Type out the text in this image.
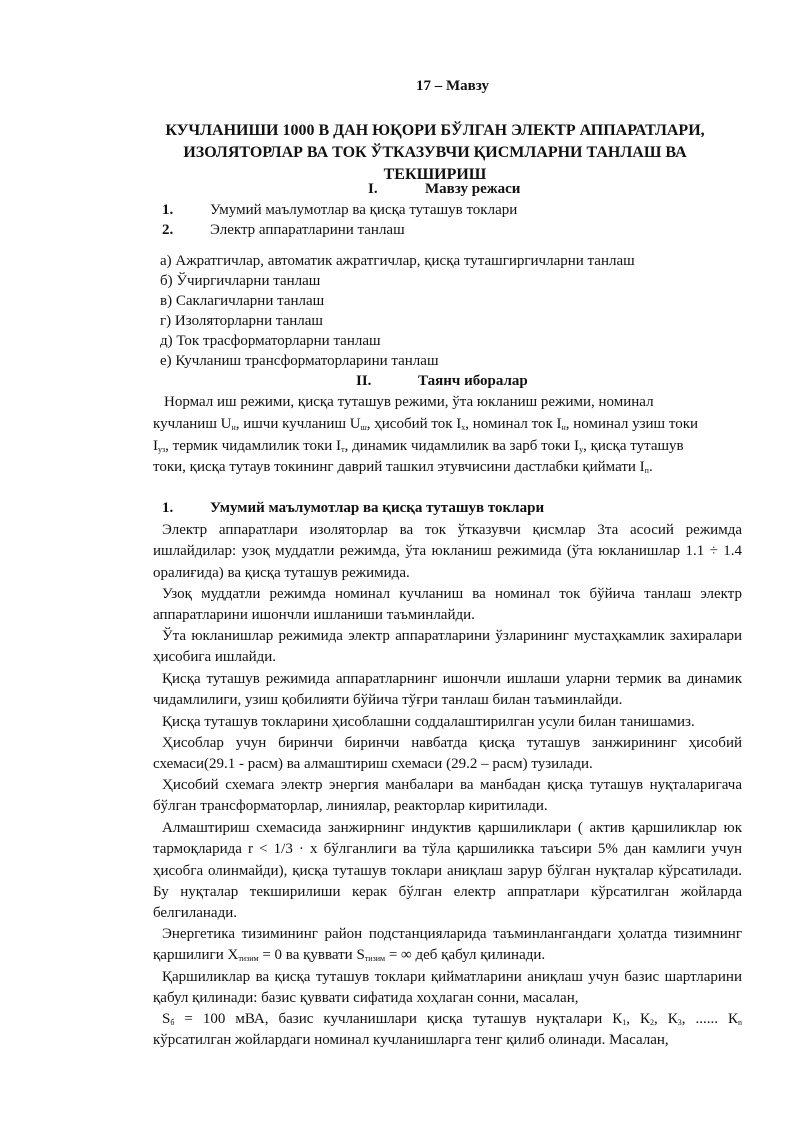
17 – Мавзу
КУЧЛАНИШИ 1000 В ДАН ЮҚОРИ БЎЛГАН ЭЛЕКТР АППАРАТЛАРИ, ИЗОЛЯТОРЛАР ВА ТОК ЎТКАЗУВЧИ ҚИСМЛАРНИ ТАНЛАШ ВА ТЕКШИРИШ
I.	Мавзу режаси
1. Умумий маълумотлар ва қисқа туташув токлари
2. Электр аппаратларини танлаш
а) Ажратгичлар, автоматик ажратгичлар, қисқа туташгиргичларни танлаш
б) Ўчиргичларни танлаш
в) Саклагичларни танлаш
г) Изоляторларни танлаш
д) Ток трасформаторларни танлаш
е) Кучланиш трансформаторларини танлаш
II.	Таянч иборалар
Нормал иш режими, қисқа туташув режими, ўта юкланиш режими, номинал
кучланиш $U_н$, ишчи кучланиш $U_ш$, ҳисобий ток $I_х$, номинал ток $I_н$, номинал узиш токи
$I_{уз}$, термик чидамлилик токи $I_т$, динамик чидамлилик ва зарб токи $I_у$, қисқа туташув
токи, қисқа тутаув токининг даврий ташкил этувчисини дастлабки қиймати $I_п$.
1. Умумий маълумотлар ва қисқа туташув токлари
Электр аппаратлари изоляторлар ва ток ўтказувчи қисмлар 3та асосий режимда ишлайдилар: узоқ муддатли режимда, ўта юкланиш режимида (ўта юкланишлар 1.1 ÷ 1.4 оралиғида) ва қисқа туташув режимида.
Узоқ муддатли режимда номинал кучланиш ва номинал ток бўйича танлаш электр аппаратларини ишончли ишланиши таъминлайди.
Ўта юкланишлар режимида электр аппаратларини ўзларининг мустаҳкамлик захиралари ҳисобига ишлайди.
Қисқа туташув режимида аппаратларнинг ишончли ишлаши уларни термик ва динамик чидамлилиги, узиш қобилияти бўйича тўғри танлаш билан таъминлайди.
Қисқа туташув токларини ҳисоблашни соддалаштирилган усули билан танишамиз.
Ҳисоблар учун биринчи биринчи навбатда қисқа туташув занжирининг ҳисобий схемаси(29.1 - расм) ва алмаштириш схемаси (29.2 – расм) тузилади.
Ҳисобий схемага электр энергия манбалари ва манбадан қисқа туташув нуқталаригача бўлган трансформаторлар, линиялар, реакторлар киритилади.
Алмаштириш схемасида занжирнинг индуктив қаршиликлари ( актив қаршиликлар юк тармоқларида r < 1/3 · x бўлганлиги ва тўла қаршиликка таъсири 5% дан камлиги учун ҳисобга олинмайди), қисқа туташув токлари аниқлаш зарур бўлган нуқталар кўрсатилади. Бу нуқталар текширилиши керак бўлган електр аппратлари кўрсатилган жойларда белгиланади.
Энергетика тизимининг район подстанцияларида таъминлангандаги ҳолатда тизимнинг қаршилиги $X_{тизим} = 0$ ва қуввати $S_{тизим}$ = ∞ деб қабул қилинади.
Қаршиликлар ва қисқа туташув токлари қийматларини аниқлаш учун базис шартларини қабул қилинади: базис қуввати сифатида хоҳлаган сонни, масалан,
$S_б = 100$ мВА, базис кучланишлари қисқа туташув нуқталари $К_1$, $К_2$, $К_3$, ...... $К_n$ кўрсатилган жойлардаги номинал кучланишларга тенг қилиб олинади. Масалан,
